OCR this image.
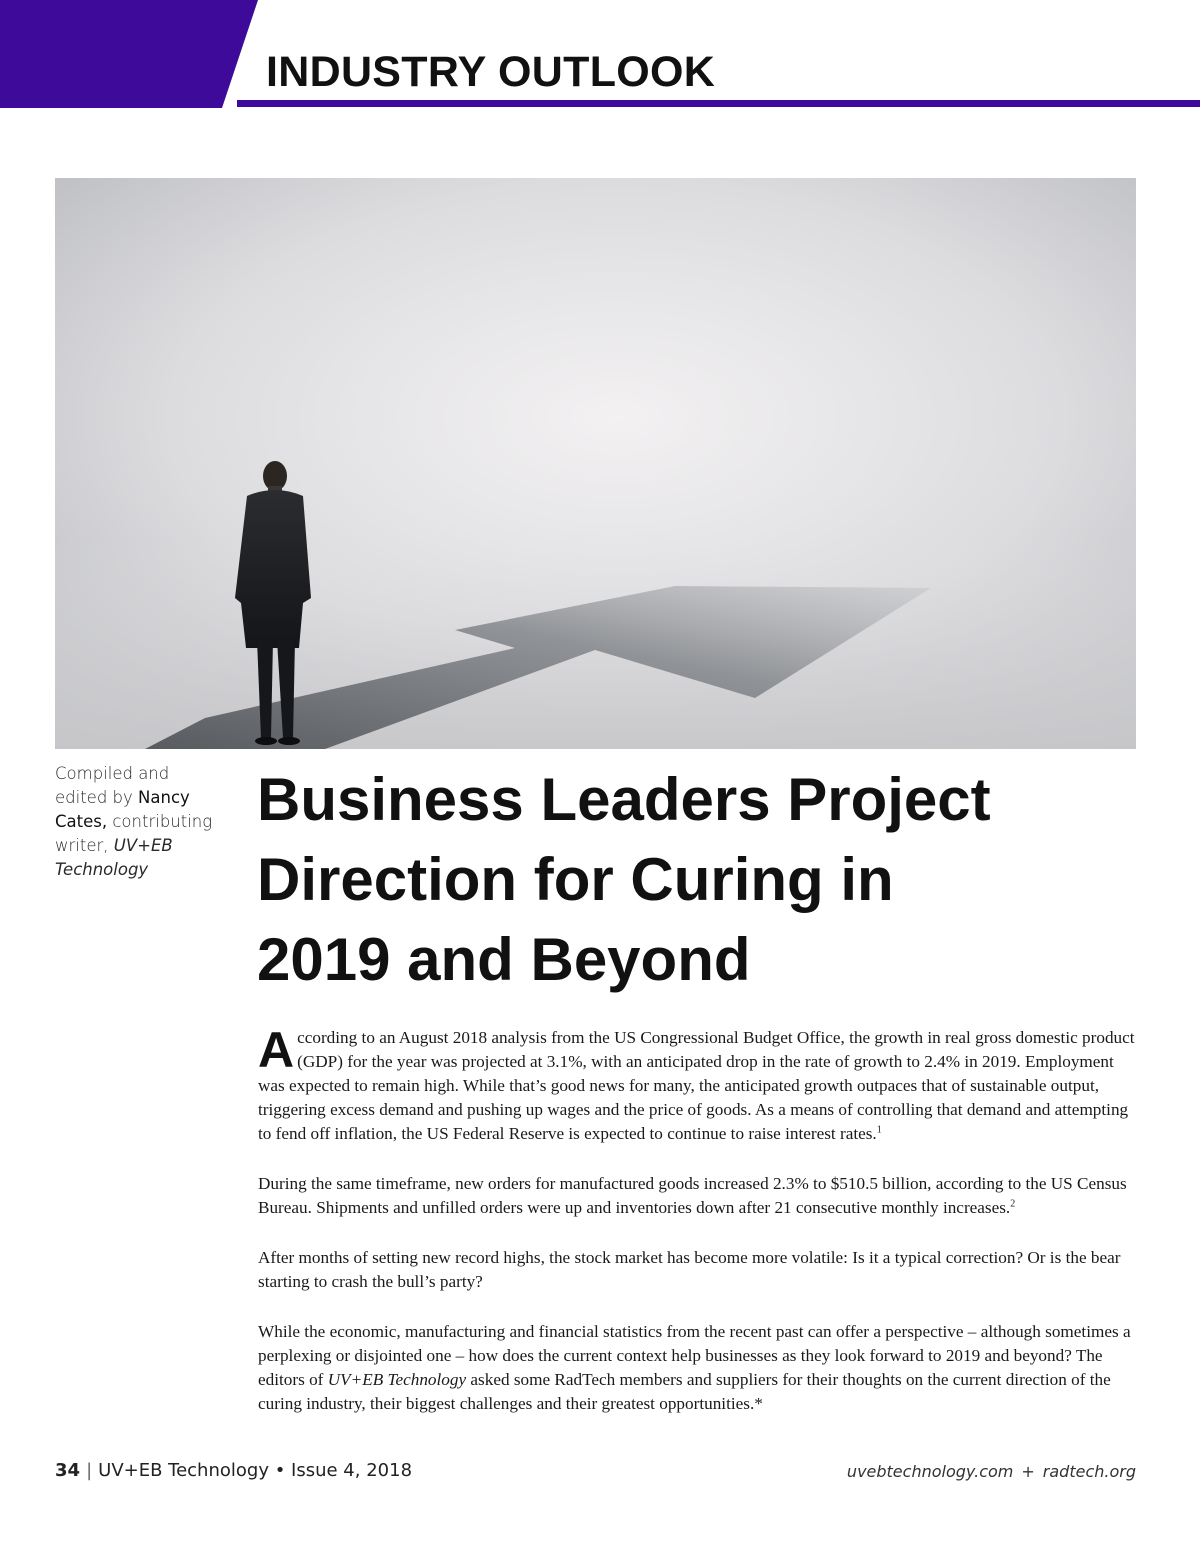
INDUSTRY OUTLOOK
Compiled and
edited by Nancy
Cates, contributing
writer, UV+EB
Technology
Business Leaders Project
Direction for Curing in
2019 and Beyond

According to an August 2018 analysis from the US Congressional Budget Office, the growth in real gross domestic product (GDP) for the year was projected at 3.1%, with an anticipated drop in the rate of growth to 2.4% in 2019. Employment was expected to remain high. While that’s good news for many, the anticipated growth outpaces that of sustainable output, triggering excess demand and pushing up wages and the price of goods. As a means of controlling that demand and attempting to fend off inflation, the US Federal Reserve is expected to continue to raise interest rates.$^1$

During the same timeframe, new orders for manufactured goods increased 2.3% to $510.5 billion, according to the US Census Bureau. Shipments and unfilled orders were up and inventories down after 21 consecutive monthly increases.$^2$

After months of setting new record highs, the stock market has become more volatile: Is it a typical correction? Or is the bear starting to crash the bull’s party?

While the economic, manufacturing and financial statistics from the recent past can offer a perspective – although sometimes a perplexing or disjointed one – how does the current context help businesses as they look forward to 2019 and beyond? The editors of UV+EB Technology asked some RadTech members and suppliers for their thoughts on the current direction of the curing industry, their biggest challenges and their greatest opportunities.*

34 | UV+EB Technology • Issue 4, 2018	uvebtechnology.com + radtech.org
